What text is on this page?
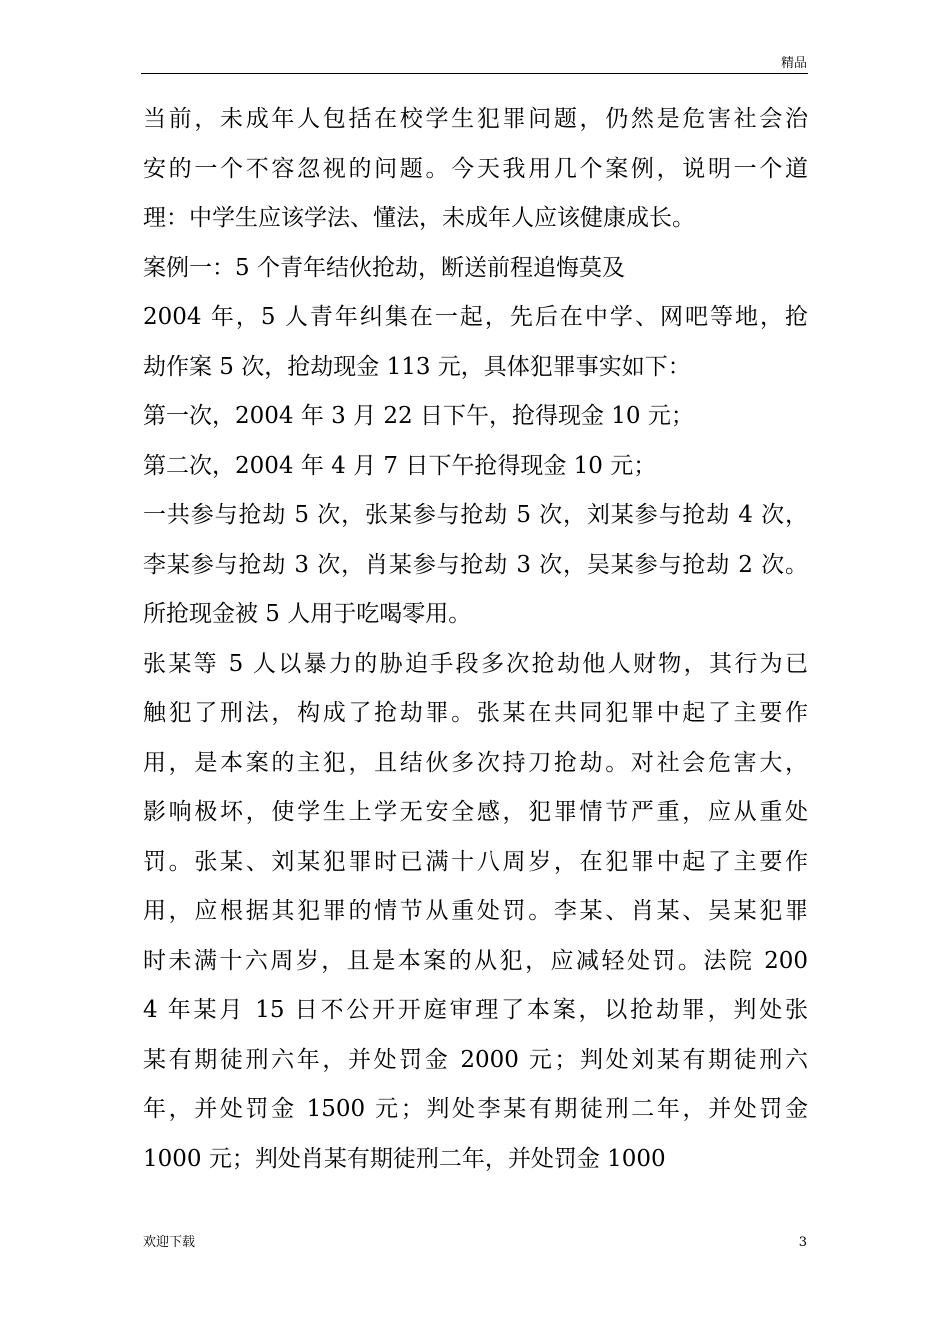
精品
当前，未成年人包括在校学生犯罪问题，仍然是危害社会治
安的一个不容忽视的问题。今天我用几个案例，说明一个道
理：中学生应该学法、懂法，未成年人应该健康成长。
案例一：5 个青年结伙抢劫，断送前程追悔莫及
2004 年，5 人青年纠集在一起，先后在中学、网吧等地，抢
劫作案 5 次，抢劫现金 113 元，具体犯罪事实如下：
第一次，2004 年 3 月 22 日下午，抢得现金 10 元；
第二次，2004 年 4 月 7 日下午抢得现金 10 元；
一共参与抢劫 5 次，张某参与抢劫 5 次，刘某参与抢劫 4 次，
李某参与抢劫 3 次，肖某参与抢劫 3 次，吴某参与抢劫 2 次。
所抢现金被 5 人用于吃喝零用。
张某等 5 人以暴力的胁迫手段多次抢劫他人财物，其行为已
触犯了刑法，构成了抢劫罪。张某在共同犯罪中起了主要作
用，是本案的主犯，且结伙多次持刀抢劫。对社会危害大，
影响极坏，使学生上学无安全感，犯罪情节严重，应从重处
罚。张某、刘某犯罪时已满十八周岁，在犯罪中起了主要作
用，应根据其犯罪的情节从重处罚。李某、肖某、吴某犯罪
时未满十六周岁，且是本案的从犯，应减轻处罚。法院 200
4 年某月 15 日不公开开庭审理了本案，以抢劫罪，判处张
某有期徒刑六年，并处罚金 2000 元；判处刘某有期徒刑六
年，并处罚金 1500 元；判处李某有期徒刑二年，并处罚金
1000 元；判处肖某有期徒刑二年，并处罚金 1000
欢迎下载	3
